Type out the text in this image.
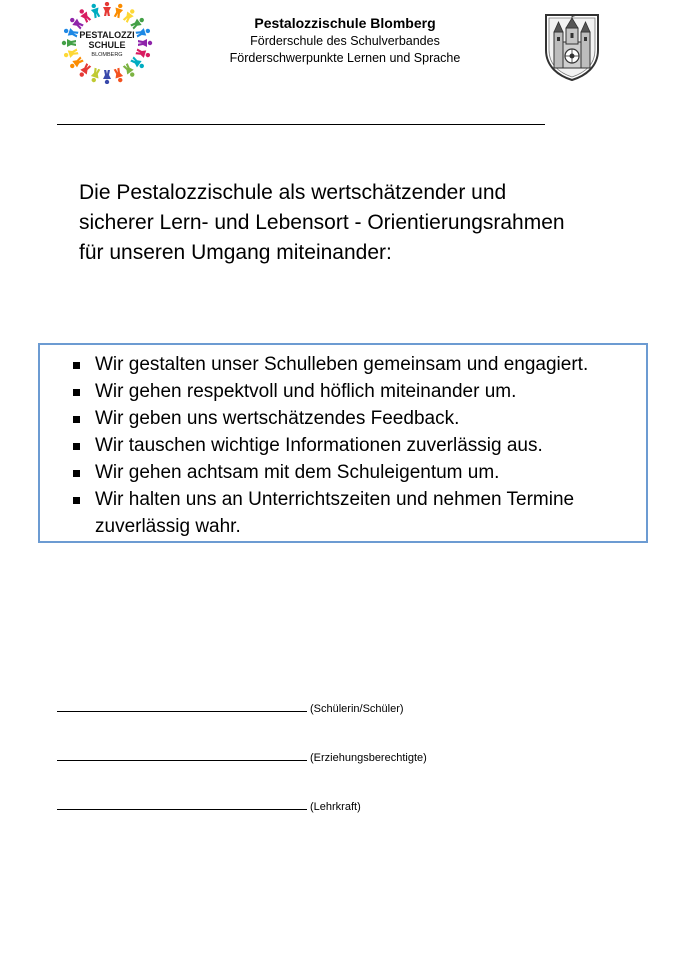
PESTALOZZI
SCHULE
BLOMBERG
Pestalozzischule Blomberg
Förderschule des Schulverbandes
Förderschwerpunkte Lernen und Sprache
Die Pestalozzischule als wertschätzender und
sicherer Lern- und Lebensort - Orientierungsrahmen
für unseren Umgang miteinander:
Wir gestalten unser Schulleben gemeinsam und engagiert.
Wir gehen respektvoll und höflich miteinander um.
Wir geben uns wertschätzendes Feedback.
Wir tauschen wichtige Informationen zuverlässig aus.
Wir gehen achtsam mit dem Schuleigentum um.
Wir halten uns an Unterrichtszeiten und nehmen Termine zuverlässig wahr.
(Schülerin/Schüler)
(Erziehungsberechtigte)
(Lehrkraft)
